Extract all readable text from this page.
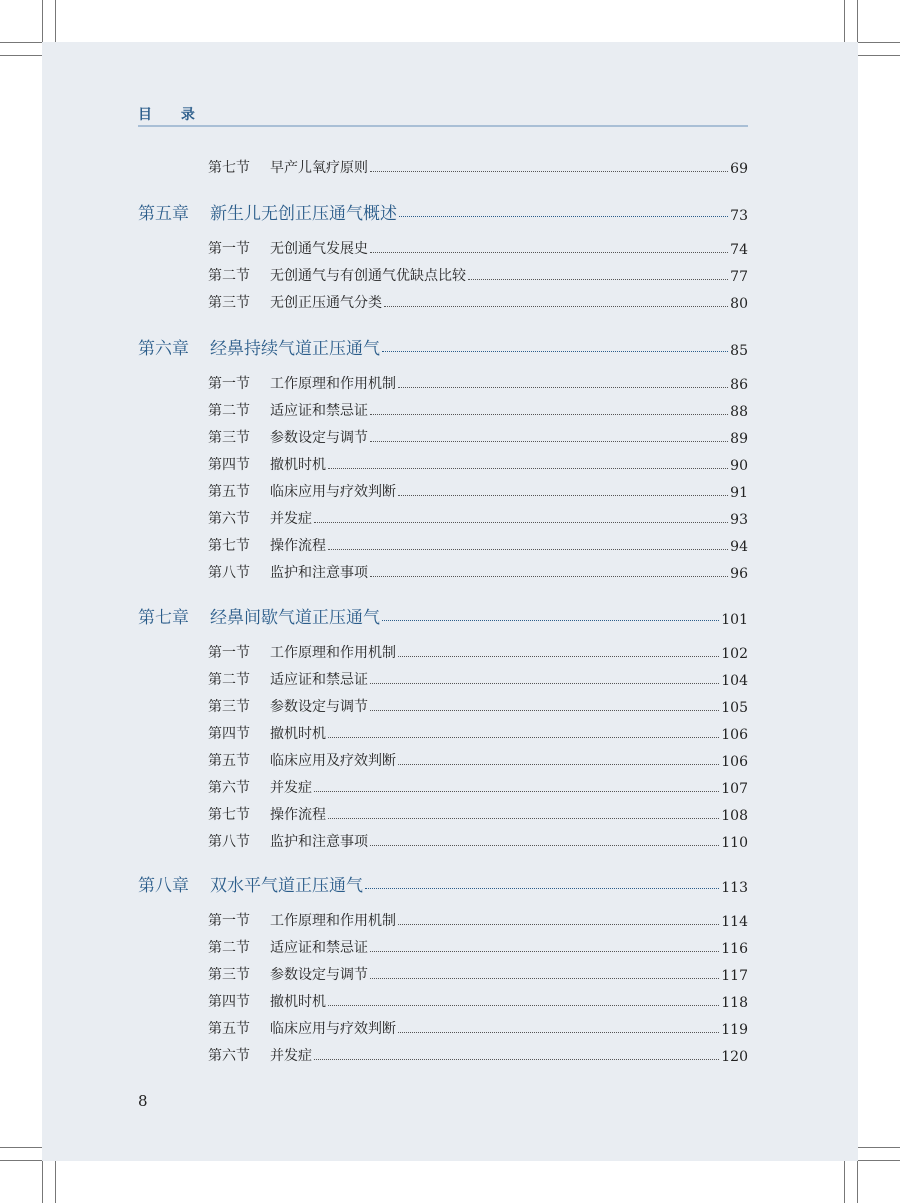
目 录
第七节	早产儿氧疗原则	69
第五章	新生儿无创正压通气概述	73
第一节	无创通气发展史	74
第二节	无创通气与有创通气优缺点比较	77
第三节	无创正压通气分类	80
第六章	经鼻持续气道正压通气	85
第一节	工作原理和作用机制	86
第二节	适应证和禁忌证	88
第三节	参数设定与调节	89
第四节	撤机时机	90
第五节	临床应用与疗效判断	91
第六节	并发症	93
第七节	操作流程	94
第八节	监护和注意事项	96
第七章	经鼻间歇气道正压通气	101
第一节	工作原理和作用机制	102
第二节	适应证和禁忌证	104
第三节	参数设定与调节	105
第四节	撤机时机	106
第五节	临床应用及疗效判断	106
第六节	并发症	107
第七节	操作流程	108
第八节	监护和注意事项	110
第八章	双水平气道正压通气	113
第一节	工作原理和作用机制	114
第二节	适应证和禁忌证	116
第三节	参数设定与调节	117
第四节	撤机时机	118
第五节	临床应用与疗效判断	119
第六节	并发症	120
8
